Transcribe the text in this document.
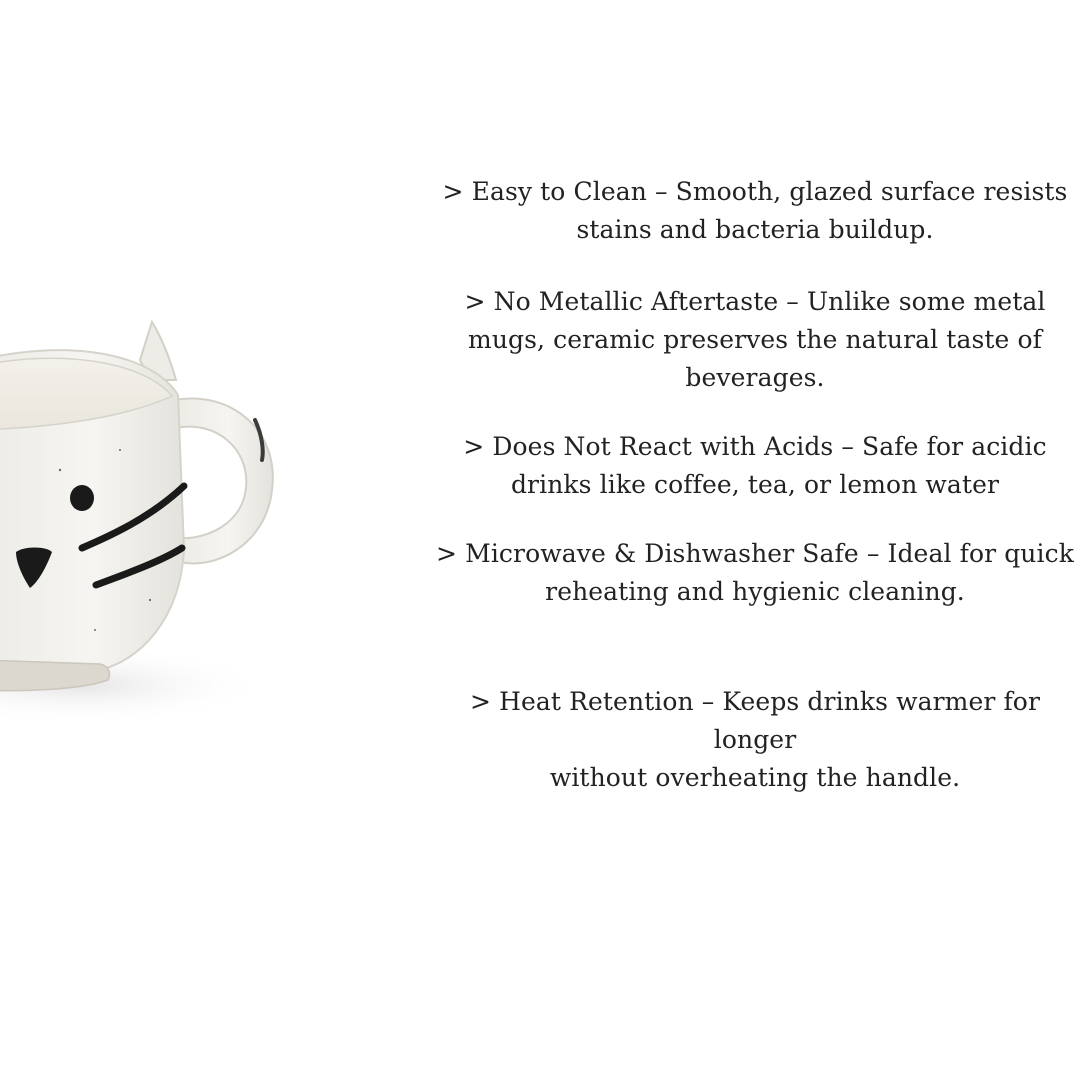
> Easy to Clean – Smooth, glazed surface resists
stains and bacteria buildup.
> No Metallic Aftertaste – Unlike some metal
mugs, ceramic preserves the natural taste of
beverages.
> Does Not React with Acids – Safe for acidic
drinks like coffee, tea, or lemon water
> Microwave & Dishwasher Safe – Ideal for quick
reheating and hygienic cleaning.
> Heat Retention – Keeps drinks warmer for longer
without overheating the handle.
